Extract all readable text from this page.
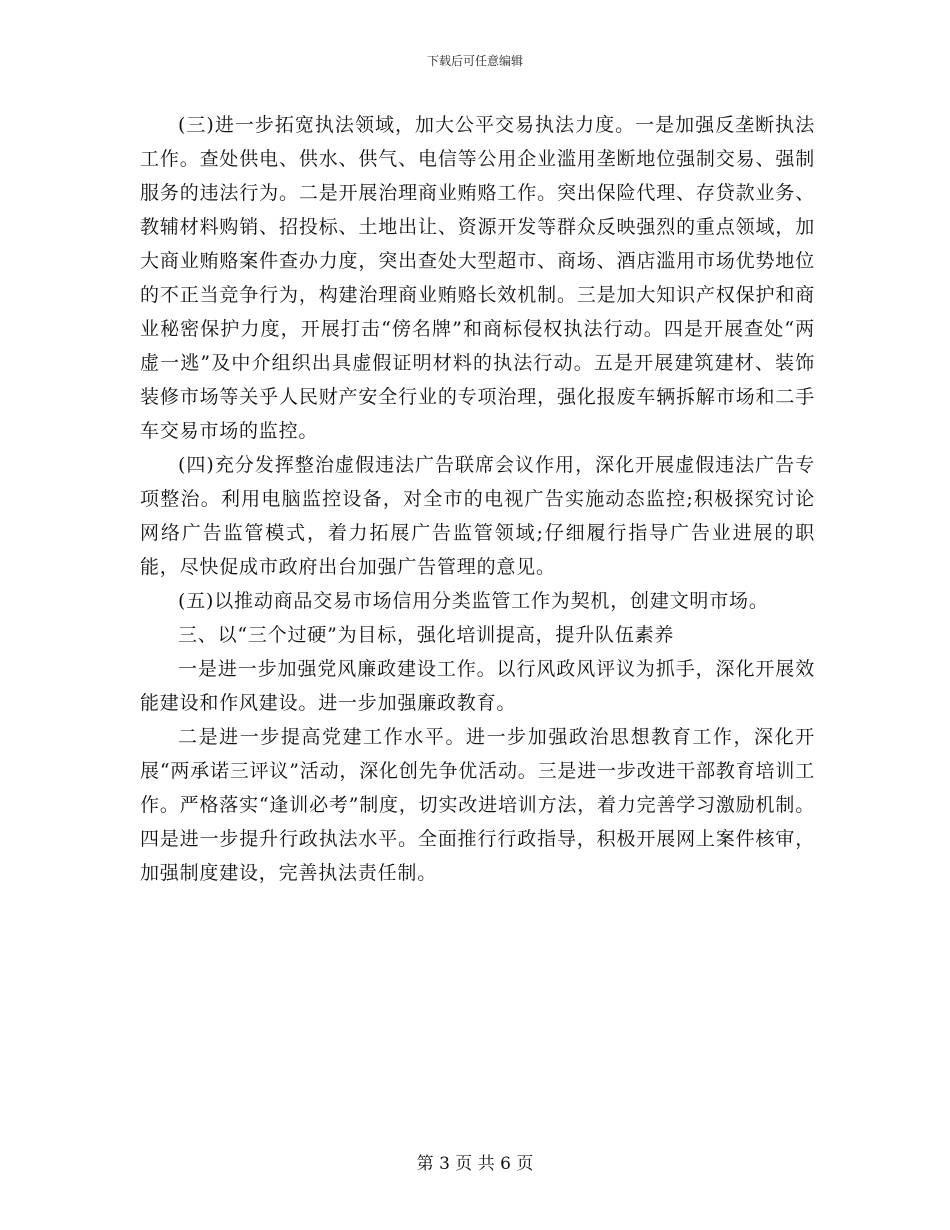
下载后可任意编辑

(三)进一步拓宽执法领域，加大公平交易执法力度。一是加强反垄断执法工作。查处供电、供水、供气、电信等公用企业滥用垄断地位强制交易、强制服务的违法行为。二是开展治理商业贿赂工作。突出保险代理、存贷款业务、教辅材料购销、招投标、土地出让、资源开发等群众反映强烈的重点领域，加大商业贿赂案件查办力度，突出查处大型超市、商场、酒店滥用市场优势地位的不正当竞争行为，构建治理商业贿赂长效机制。三是加大知识产权保护和商业秘密保护力度，开展打击“傍名牌”和商标侵权执法行动。四是开展查处“两虚一逃”及中介组织出具虚假证明材料的执法行动。五是开展建筑建材、装饰装修市场等关乎人民财产安全行业的专项治理，强化报废车辆拆解市场和二手车交易市场的监控。

(四)充分发挥整治虚假违法广告联席会议作用，深化开展虚假违法广告专项整治。利用电脑监控设备，对全市的电视广告实施动态监控;积极探究讨论网络广告监管模式，着力拓展广告监管领域;仔细履行指导广告业进展的职能，尽快促成市政府出台加强广告管理的意见。

(五)以推动商品交易市场信用分类监管工作为契机，创建文明市场。

三、以“三个过硬”为目标，强化培训提高，提升队伍素养

一是进一步加强党风廉政建设工作。以行风政风评议为抓手，深化开展效能建设和作风建设。进一步加强廉政教育。

二是进一步提高党建工作水平。进一步加强政治思想教育工作，深化开展“两承诺三评议”活动，深化创先争优活动。三是进一步改进干部教育培训工作。严格落实“逢训必考”制度，切实改进培训方法，着力完善学习激励机制。四是进一步提升行政执法水平。全面推行行政指导，积极开展网上案件核审，加强制度建设，完善执法责任制。

第 3 页 共 6 页
